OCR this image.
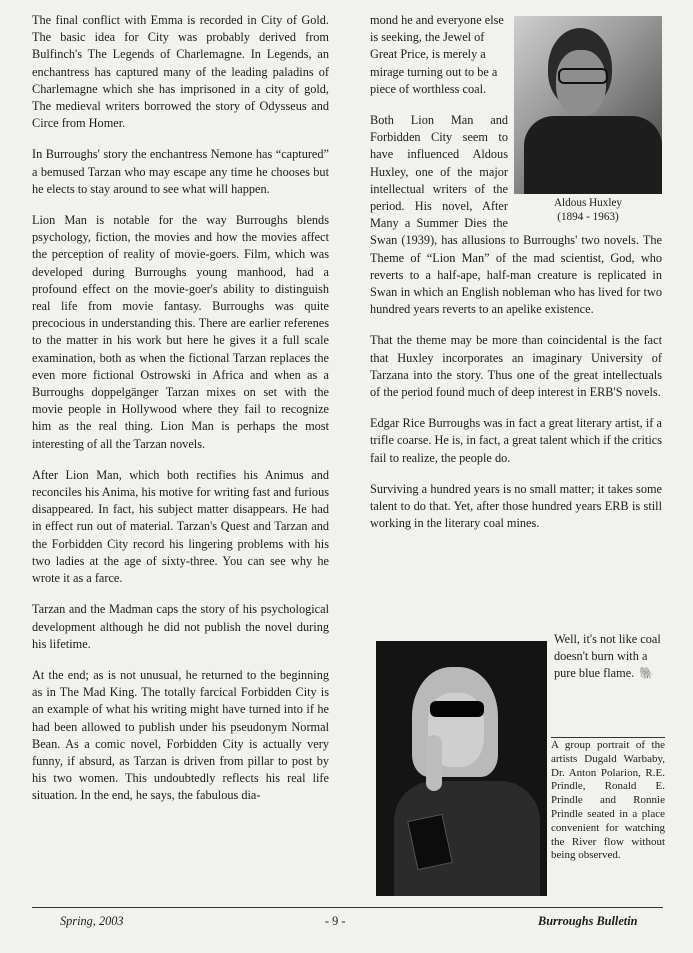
The final conflict with Emma is recorded in City of Gold. The basic idea for City was probably derived from Bulfinch's The Legends of Charlemagne. In Legends, an enchantress has captured many of the leading paladins of Charlemagne which she has imprisoned in a city of gold, The medieval writers borrowed the story of Odysseus and Circe from Homer.

In Burroughs' story the enchantress Nemone has “captured” a bemused Tarzan who may escape any time he chooses but he elects to stay around to see what will happen.

Lion Man is notable for the way Burroughs blends psychology, fiction, the movies and how the movies affect the perception of reality of movie-goers. Film, which was developed during Burroughs young manhood, had a profound effect on the movie-goer's ability to distinguish real life from movie fantasy. Burroughs was quite precocious in understanding this. There are earlier referenes to the matter in his work but here he gives it a full scale examination, both as when the fictional Tarzan replaces the even more fictional Ostrowski in Africa and when as a Burroughs doppelgänger Tarzan mixes on set with the movie people in Hollywood where they fail to recognize him as the real thing. Lion Man is perhaps the most interesting of all the Tarzan novels.

After Lion Man, which both rectifies his Animus and reconciles his Anima, his motive for writing fast and furious disappeared. In fact, his subject matter disappears. He had in effect run out of material. Tarzan's Quest and Tarzan and the Forbidden City record his lingering problems with his two ladies at the age of sixty-three. You can see why he wrote it as a farce.

Tarzan and the Madman caps the story of his psychological development although he did not publish the novel during his lifetime.

At the end; as is not unusual, he returned to the beginning as in The Mad King. The totally farcical Forbidden City is an example of what his writing might have turned into if he had been allowed to publish under his pseudonym Normal Bean. As a comic novel, Forbidden City is actually very funny, if absurd, as Tarzan is driven from pillar to post by his two women. This undoubtedly reflects his real life situation. In the end, he says, the fabulous dia-

Aldous Huxley
(1894 - 1963)

mond he and everyone else is seeking, the Jewel of Great Price, is merely a mirage turning out to be a piece of worthless coal.

Both Lion Man and Forbidden City seem to have influenced Aldous Huxley, one of the major intellectual writers of the period. His novel, After Many a Summer Dies the Swan (1939), has allusions to Burroughs' two novels. The Theme of “Lion Man” of the mad scientist, God, who reverts to a half-ape, half-man creature is replicated in Swan in which an English nobleman who has lived for two hundred years reverts to an apelike existence.

That the theme may be more than coincidental is the fact that Huxley incorporates an imaginary University of Tarzana into the story. Thus one of the great intellectuals of the period found much of deep interest in ERB'S novels.

Edgar Rice Burroughs was in fact a great literary artist, if a trifle coarse. He is, in fact, a great talent which if the critics fail to realize, the people do.

Surviving a hundred years is no small matter; it takes some talent to do that. Yet, after those hundred years ERB is still working in the literary coal mines.

Well, it's not like coal doesn't burn with a pure blue flame. 🐘
A group portrait of the artists Dugald Warbaby, Dr. Anton Polarion, R.E. Prindle, Ronald E. Prindle and Ronnie Prindle seated in a place convenient for watching the River flow without being observed.
Spring, 2003	- 9 -	Burroughs Bulletin
